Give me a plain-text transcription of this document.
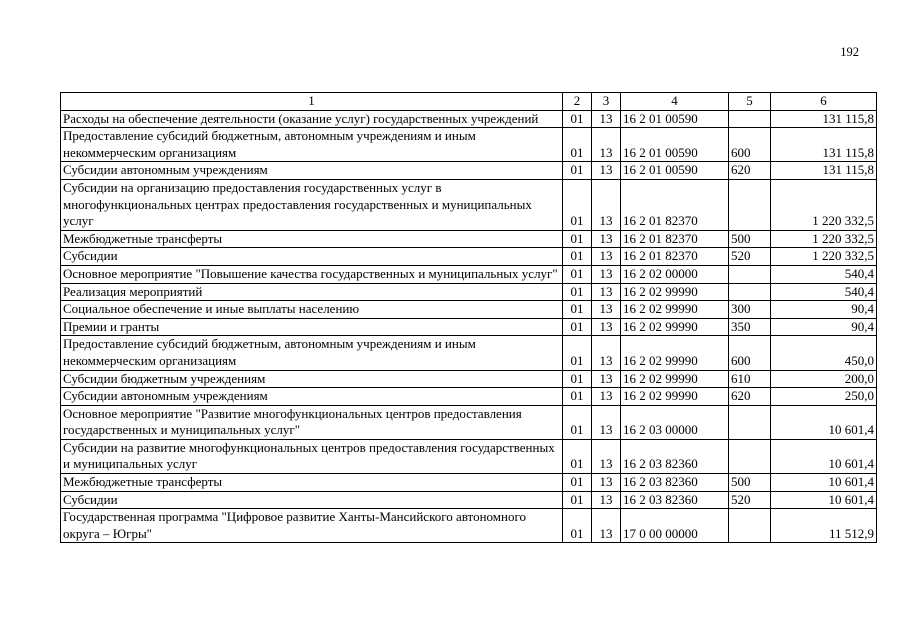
192
1	2	3	4	5	6
Расходы на обеспечение деятельности (оказание услуг) государственных учреждений	01	13	16 2 01 00590		131 115,8
Предоставление субсидий бюджетным, автономным учреждениям и иным некоммерческим организациям	01	13	16 2 01 00590	600	131 115,8
Субсидии автономным учреждениям	01	13	16 2 01 00590	620	131 115,8
Субсидии на организацию предоставления государственных услуг в многофункциональных центрах предоставления государственных и муниципальных услуг	01	13	16 2 01 82370		1 220 332,5
Межбюджетные трансферты	01	13	16 2 01 82370	500	1 220 332,5
Субсидии	01	13	16 2 01 82370	520	1 220 332,5
Основное мероприятие "Повышение качества государственных и муниципальных услуг"	01	13	16 2 02 00000		540,4
Реализация мероприятий	01	13	16 2 02 99990		540,4
Социальное обеспечение и иные выплаты населению	01	13	16 2 02 99990	300	90,4
Премии и гранты	01	13	16 2 02 99990	350	90,4
Предоставление субсидий бюджетным, автономным учреждениям и иным некоммерческим организациям	01	13	16 2 02 99990	600	450,0
Субсидии бюджетным учреждениям	01	13	16 2 02 99990	610	200,0
Субсидии автономным учреждениям	01	13	16 2 02 99990	620	250,0
Основное мероприятие "Развитие многофункциональных центров предоставления государственных и муниципальных услуг"	01	13	16 2 03 00000		10 601,4
Субсидии на развитие многофункциональных центров предоставления государственных и муниципальных услуг	01	13	16 2 03 82360		10 601,4
Межбюджетные трансферты	01	13	16 2 03 82360	500	10 601,4
Субсидии	01	13	16 2 03 82360	520	10 601,4
Государственная программа "Цифровое развитие Ханты-Мансийского автономного округа – Югры"	01	13	17 0 00 00000		11 512,9
